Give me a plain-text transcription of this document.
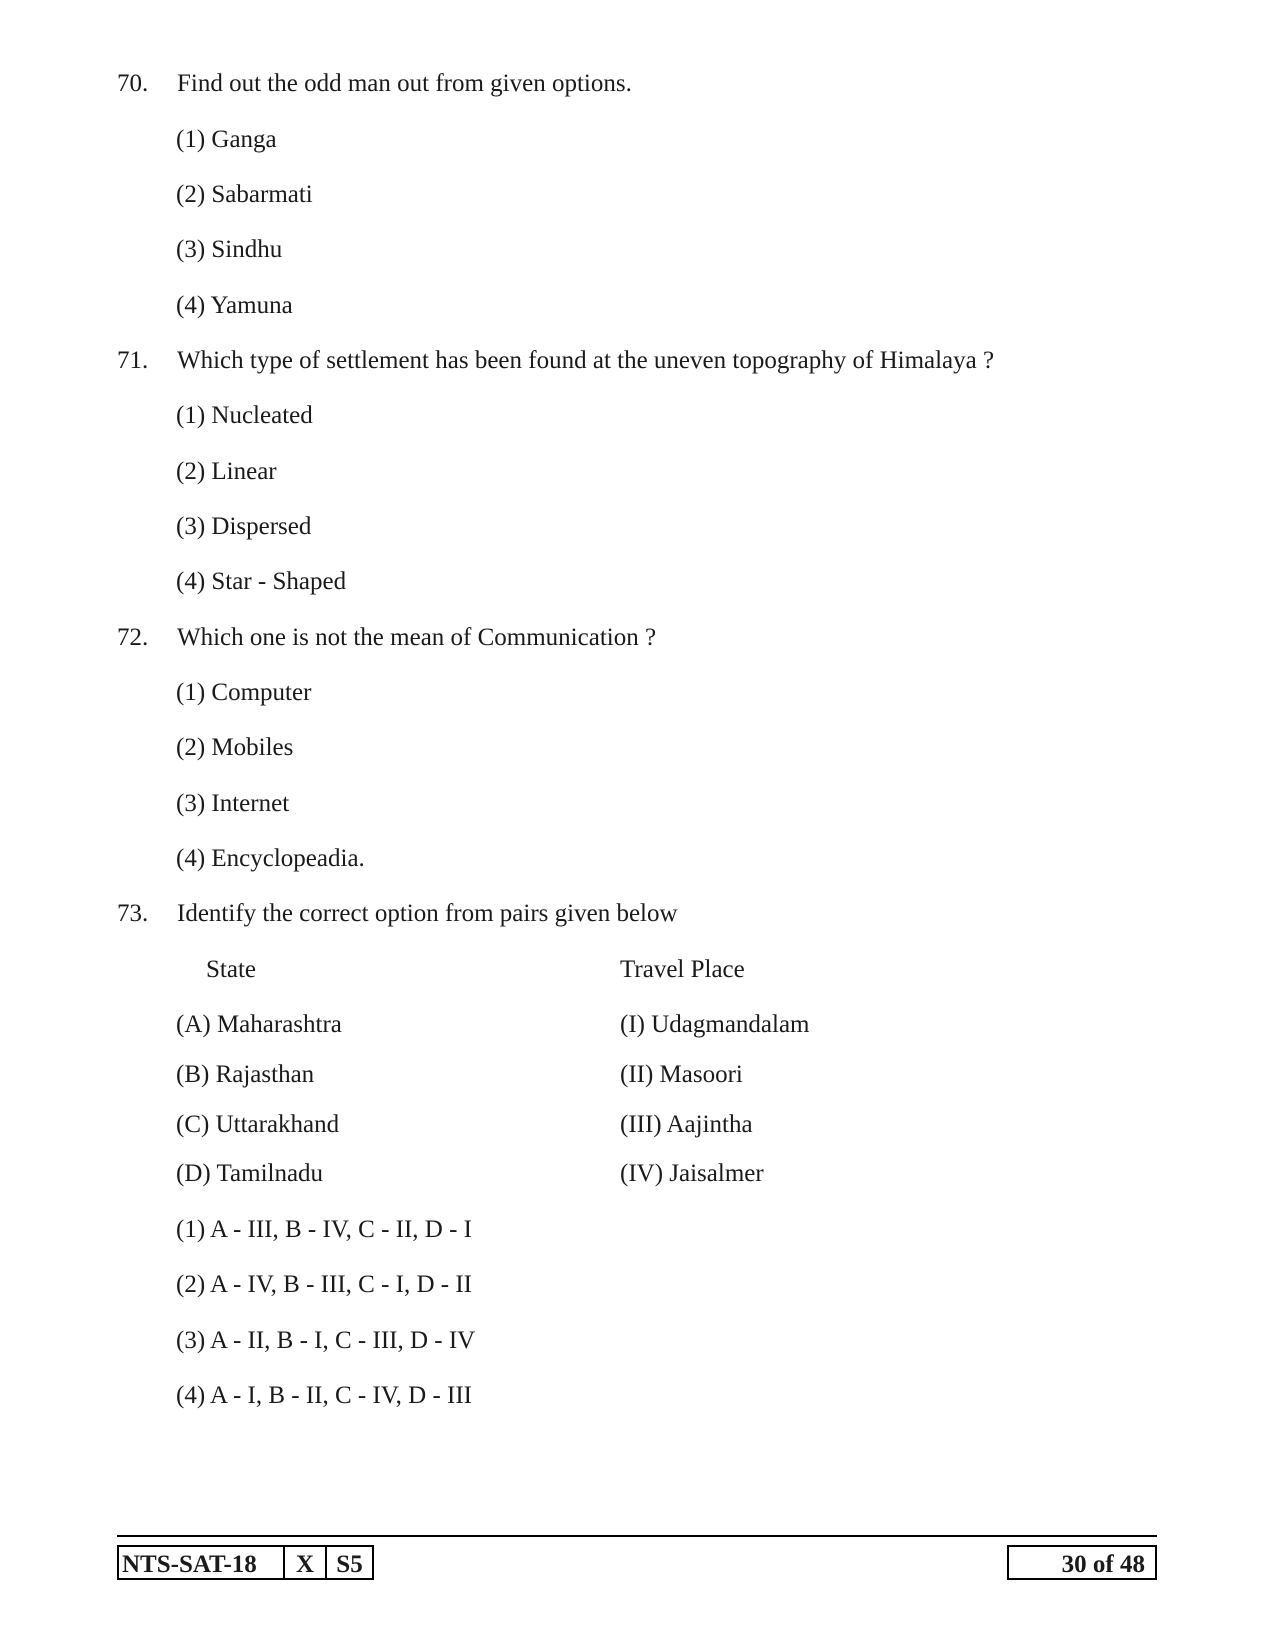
70. Find out the odd man out from given options.
(1) Ganga
(2) Sabarmati
(3) Sindhu
(4) Yamuna
71. Which type of settlement has been found at the uneven topography of Himalaya ?
(1) Nucleated
(2) Linear
(3) Dispersed
(4) Star - Shaped
72. Which one is not the mean of Communication ?
(1) Computer
(2) Mobiles
(3) Internet
(4) Encyclopeadia.
73. Identify the correct option from pairs given below
State	Travel Place
(A) Maharashtra	(I) Udagmandalam
(B) Rajasthan	(II) Masoori
(C) Uttarakhand	(III) Aajintha
(D) Tamilnadu	(IV) Jaisalmer
(1) A - III, B - IV, C - II, D - I
(2) A - IV, B - III, C - I, D - II
(3) A - II, B - I, C - III, D - IV
(4) A - I, B - II, C - IV, D - III
NTS-SAT-18	X S5	30 of 48
